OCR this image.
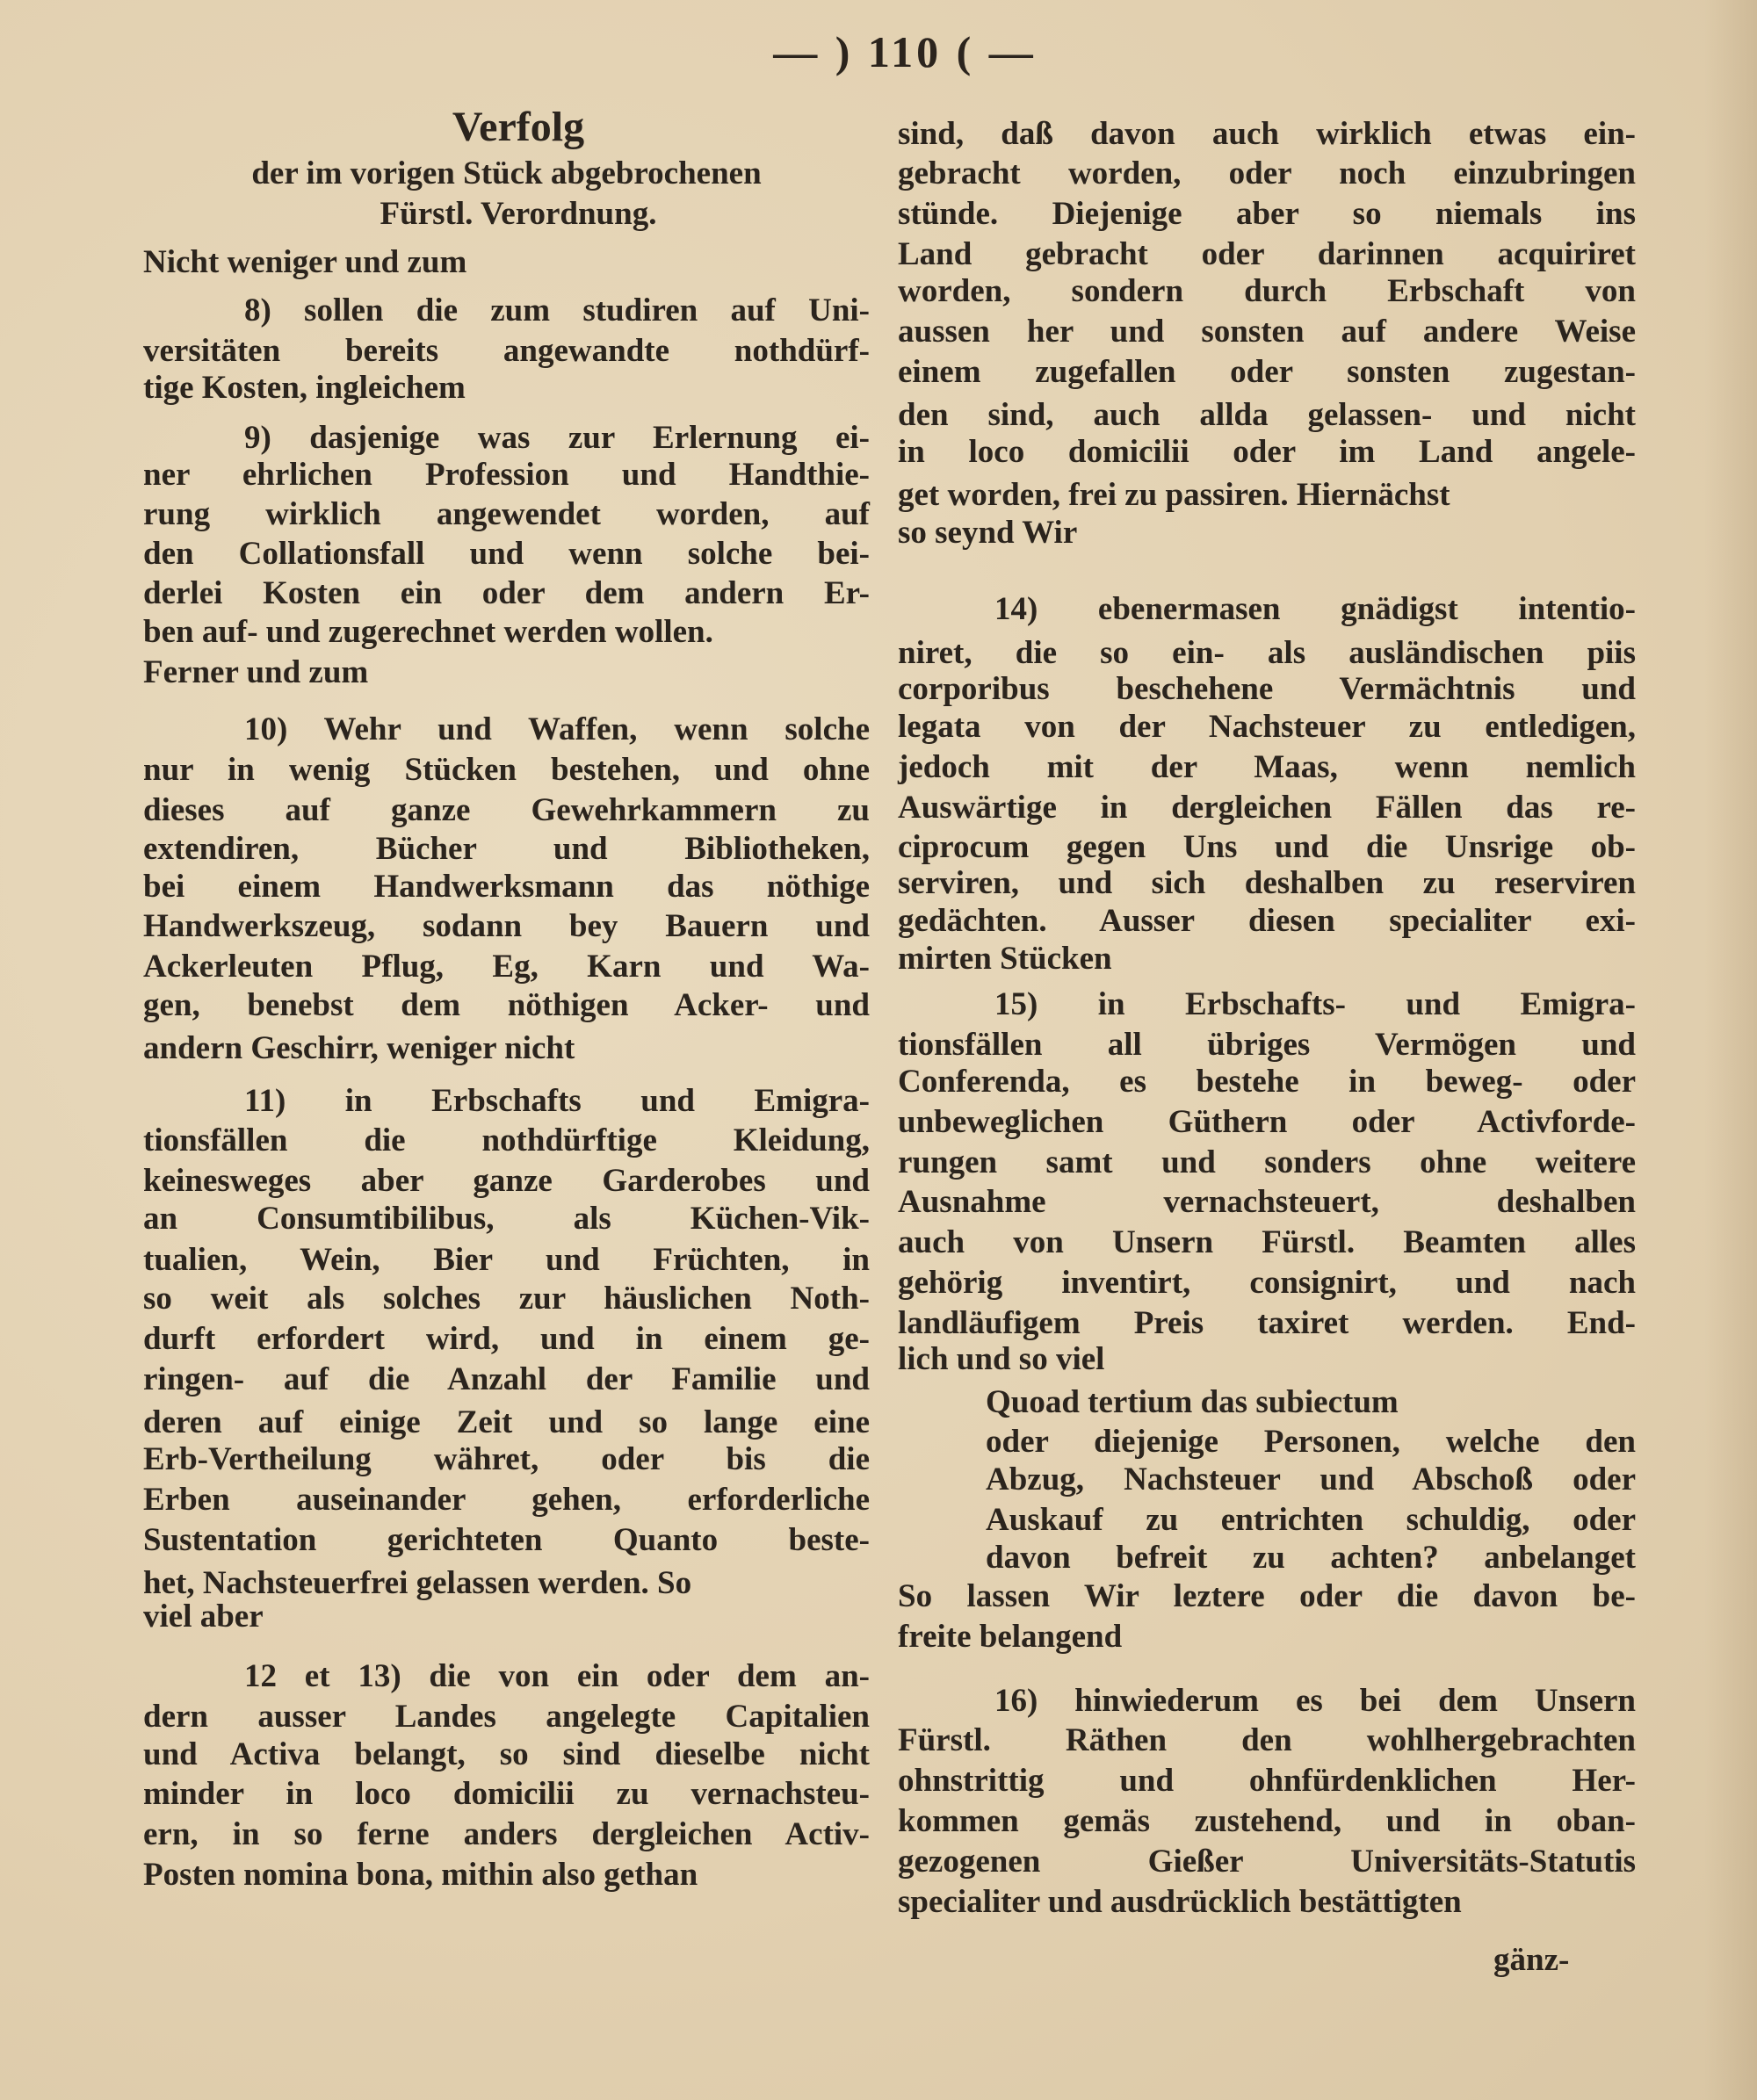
— ) 110 ( —
Verfolg
der im vorigen Stück abgebrochenen
Fürstl. Verordnung.
Nicht weniger und zum
8) sollen die zum studiren auf Uni-
versitäten bereits angewandte nothdürf-
tige Kosten, ingleichem
9) dasjenige was zur Erlernung ei-
ner ehrlichen Profession und Handthie-
rung wirklich angewendet worden, auf
den Collationsfall und wenn solche bei-
derlei Kosten ein oder dem andern Er-
ben auf- und zugerechnet werden wollen.
Ferner und zum
10) Wehr und Waffen, wenn solche
nur in wenig Stücken bestehen, und ohne
dieses auf ganze Gewehrkammern zu
extendiren, Bücher und Bibliotheken,
bei einem Handwerksmann das nöthige
Handwerkszeug, sodann bey Bauern und
Ackerleuten Pflug, Eg, Karn und Wa-
gen, benebst dem nöthigen Acker- und
andern Geschirr, weniger nicht
11) in Erbschafts und Emigra-
tionsfällen die nothdürftige Kleidung,
keinesweges aber ganze Garderobes und
an Consumtibilibus, als Küchen-Vik-
tualien, Wein, Bier und Früchten, in
so weit als solches zur häuslichen Noth-
durft erfordert wird, und in einem ge-
ringen- auf die Anzahl der Familie und
deren auf einige Zeit und so lange eine
Erb-Vertheilung währet, oder bis die
Erben auseinander gehen, erforderliche
Sustentation gerichteten Quanto beste-
het, Nachsteuerfrei gelassen werden. So
viel aber
12 et 13) die von ein oder dem an-
dern ausser Landes angelegte Capitalien
und Activa belangt, so sind dieselbe nicht
minder in loco domicilii zu vernachsteu-
ern, in so ferne anders dergleichen Activ-
Posten nomina bona, mithin also gethan
sind, daß davon auch wirklich etwas ein-
gebracht worden, oder noch einzubringen
stünde. Diejenige aber so niemals ins
Land gebracht oder darinnen acquiriret
worden, sondern durch Erbschaft von
aussen her und sonsten auf andere Weise
einem zugefallen oder sonsten zugestan-
den sind, auch allda gelassen- und nicht
in loco domicilii oder im Land angele-
get worden, frei zu passiren. Hiernächst
so seynd Wir
14) ebenermasen gnädigst intentio-
niret, die so ein- als ausländischen piis
corporibus beschehene Vermächtnis und
legata von der Nachsteuer zu entledigen,
jedoch mit der Maas, wenn nemlich
Auswärtige in dergleichen Fällen das re-
ciprocum gegen Uns und die Unsrige ob-
serviren, und sich deshalben zu reserviren
gedächten. Ausser diesen specialiter exi-
mirten Stücken
15) in Erbschafts- und Emigra-
tionsfällen all übriges Vermögen und
Conferenda, es bestehe in beweg- oder
unbeweglichen Güthern oder Activforde-
rungen samt und sonders ohne weitere
Ausnahme vernachsteuert, deshalben
auch von Unsern Fürstl. Beamten alles
gehörig inventirt, consignirt, und nach
landläufigem Preis taxiret werden. End-
lich und so viel
Quoad tertium das subiectum
oder diejenige Personen, welche den
Abzug, Nachsteuer und Abschoß oder
Auskauf zu entrichten schuldig, oder
davon befreit zu achten? anbelanget
So lassen Wir leztere oder die davon be-
freite belangend
16) hinwiederum es bei dem Unsern
Fürstl. Räthen den wohlhergebrachten
ohnstrittig und ohnfürdenklichen Her-
kommen gemäs zustehend, und in oban-
gezogenen Gießer Universitäts-Statutis
specialiter und ausdrücklich bestättigten
gänz-
